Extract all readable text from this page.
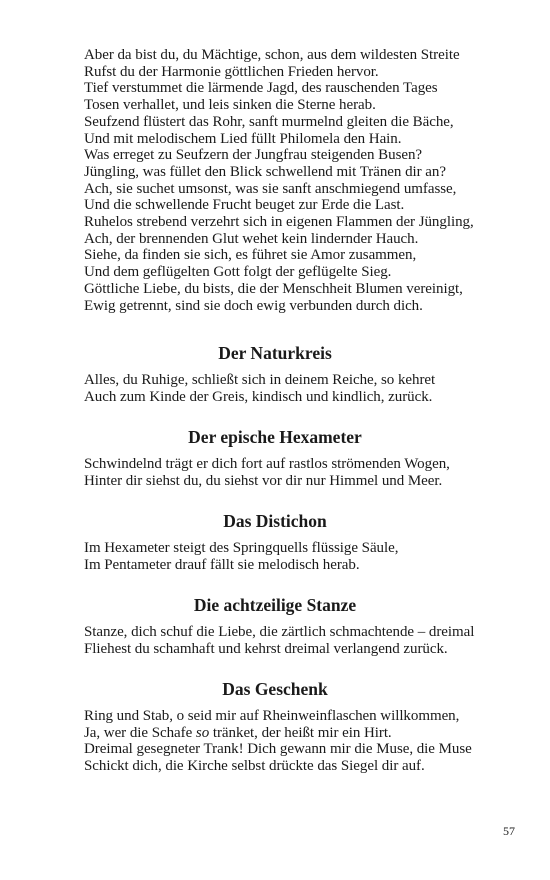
Aber da bist du, du Mächtige, schon, aus dem wildesten Streite
Rufst du der Harmonie göttlichen Frieden hervor.
Tief verstummet die lärmende Jagd, des rauschenden Tages
Tosen verhallet, und leis sinken die Sterne herab.
Seufzend flüstert das Rohr, sanft murmelnd gleiten die Bäche,
Und mit melodischem Lied füllt Philomela den Hain.
Was erreget zu Seufzern der Jungfrau steigenden Busen?
Jüngling, was füllet den Blick schwellend mit Tränen dir an?
Ach, sie suchet umsonst, was sie sanft anschmiegend umfasse,
Und die schwellende Frucht beuget zur Erde die Last.
Ruhelos strebend verzehrt sich in eigenen Flammen der Jüngling,
Ach, der brennenden Glut wehet kein lindernder Hauch.
Siehe, da finden sie sich, es führet sie Amor zusammen,
Und dem geflügelten Gott folgt der geflügelte Sieg.
Göttliche Liebe, du bists, die der Menschheit Blumen vereinigt,
Ewig getrennt, sind sie doch ewig verbunden durch dich.
Der Naturkreis
Alles, du Ruhige, schließt sich in deinem Reiche, so kehret
Auch zum Kinde der Greis, kindisch und kindlich, zurück.
Der epische Hexameter
Schwindelnd trägt er dich fort auf rastlos strömenden Wogen,
Hinter dir siehst du, du siehst vor dir nur Himmel und Meer.
Das Distichon
Im Hexameter steigt des Springquells flüssige Säule,
Im Pentameter drauf fällt sie melodisch herab.
Die achtzeilige Stanze
Stanze, dich schuf die Liebe, die zärtlich schmachtende – dreimal
Fliehest du schamhaft und kehrst dreimal verlangend zurück.
Das Geschenk
Ring und Stab, o seid mir auf Rheinweinflaschen willkommen,
Ja, wer die Schafe so tränket, der heißt mir ein Hirt.
Dreimal gesegneter Trank! Dich gewann mir die Muse, die Muse
Schickt dich, die Kirche selbst drückte das Siegel dir auf.
57
